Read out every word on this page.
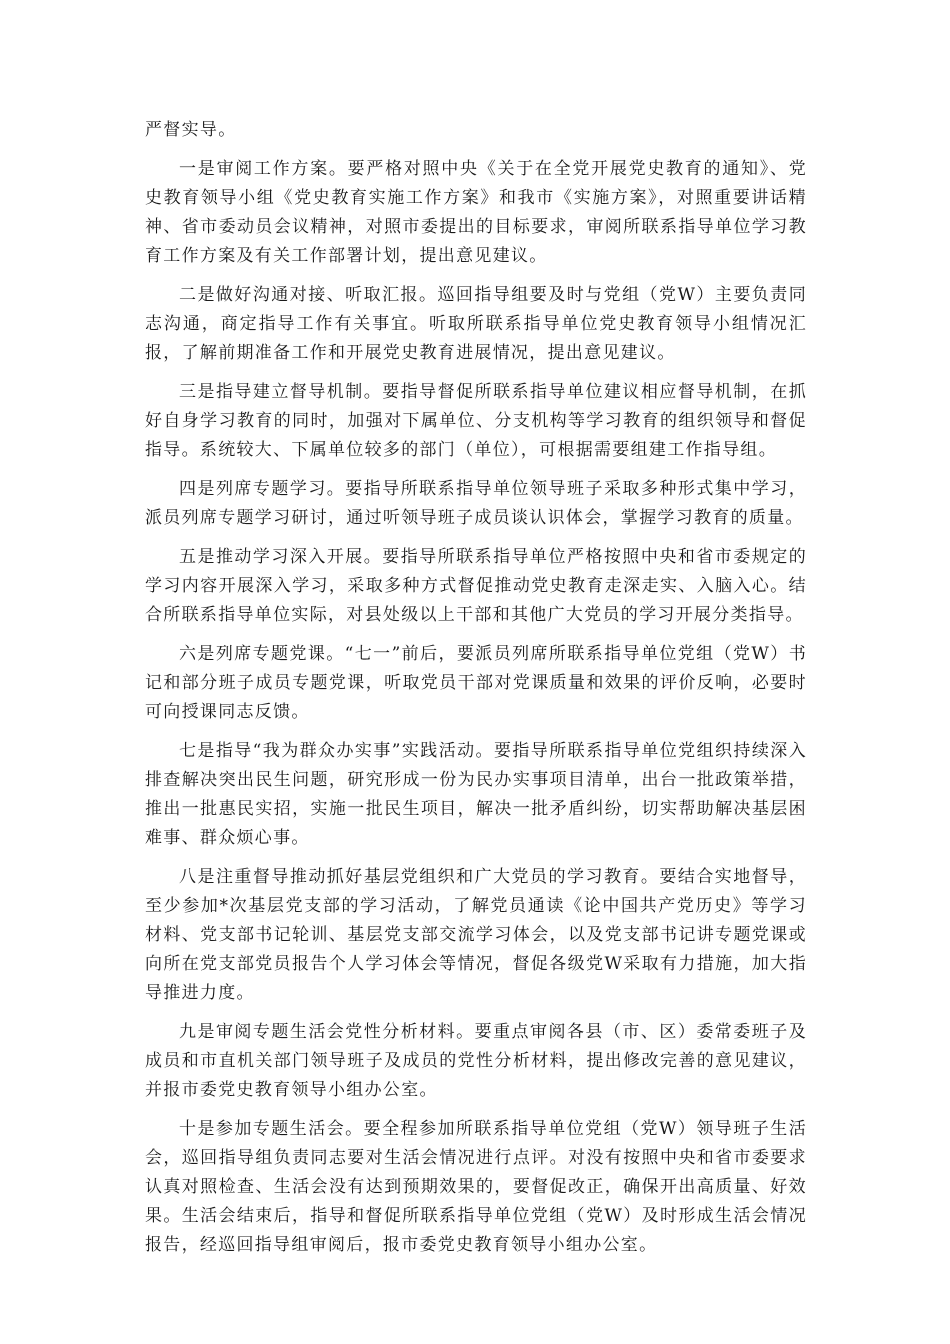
严督实导。

一是审阅工作方案。要严格对照中央《关于在全党开展党史教育的通知》、党史教育领导小组《党史教育实施工作方案》和我市《实施方案》，对照重要讲话精神、省市委动员会议精神，对照市委提出的目标要求，审阅所联系指导单位学习教育工作方案及有关工作部署计划，提出意见建议。

二是做好沟通对接、听取汇报。巡回指导组要及时与党组（党W）主要负责同志沟通，商定指导工作有关事宜。听取所联系指导单位党史教育领导小组情况汇报，了解前期准备工作和开展党史教育进展情况，提出意见建议。

三是指导建立督导机制。要指导督促所联系指导单位建议相应督导机制，在抓好自身学习教育的同时，加强对下属单位、分支机构等学习教育的组织领导和督促指导。系统较大、下属单位较多的部门（单位），可根据需要组建工作指导组。

四是列席专题学习。要指导所联系指导单位领导班子采取多种形式集中学习，派员列席专题学习研讨，通过听领导班子成员谈认识体会，掌握学习教育的质量。

五是推动学习深入开展。要指导所联系指导单位严格按照中央和省市委规定的学习内容开展深入学习，采取多种方式督促推动党史教育走深走实、入脑入心。结合所联系指导单位实际，对县处级以上干部和其他广大党员的学习开展分类指导。

六是列席专题党课。“七一”前后，要派员列席所联系指导单位党组（党W）书记和部分班子成员专题党课，听取党员干部对党课质量和效果的评价反响，必要时可向授课同志反馈。

七是指导“我为群众办实事”实践活动。要指导所联系指导单位党组织持续深入排查解决突出民生问题，研究形成一份为民办实事项目清单，出台一批政策举措，推出一批惠民实招，实施一批民生项目，解决一批矛盾纠纷，切实帮助解决基层困难事、群众烦心事。

八是注重督导推动抓好基层党组织和广大党员的学习教育。要结合实地督导，至少参加*次基层党支部的学习活动，了解党员通读《论中国共产党历史》等学习材料、党支部书记轮训、基层党支部交流学习体会，以及党支部书记讲专题党课或向所在党支部党员报告个人学习体会等情况，督促各级党W采取有力措施，加大指导推进力度。

九是审阅专题生活会党性分析材料。要重点审阅各县（市、区）委常委班子及成员和市直机关部门领导班子及成员的党性分析材料，提出修改完善的意见建议，并报市委党史教育领导小组办公室。

十是参加专题生活会。要全程参加所联系指导单位党组（党W）领导班子生活会，巡回指导组负责同志要对生活会情况进行点评。对没有按照中央和省市委要求认真对照检查、生活会没有达到预期效果的，要督促改正，确保开出高质量、好效果。生活会结束后，指导和督促所联系指导单位党组（党W）及时形成生活会情况报告，经巡回指导组审阅后，报市委党史教育领导小组办公室。
